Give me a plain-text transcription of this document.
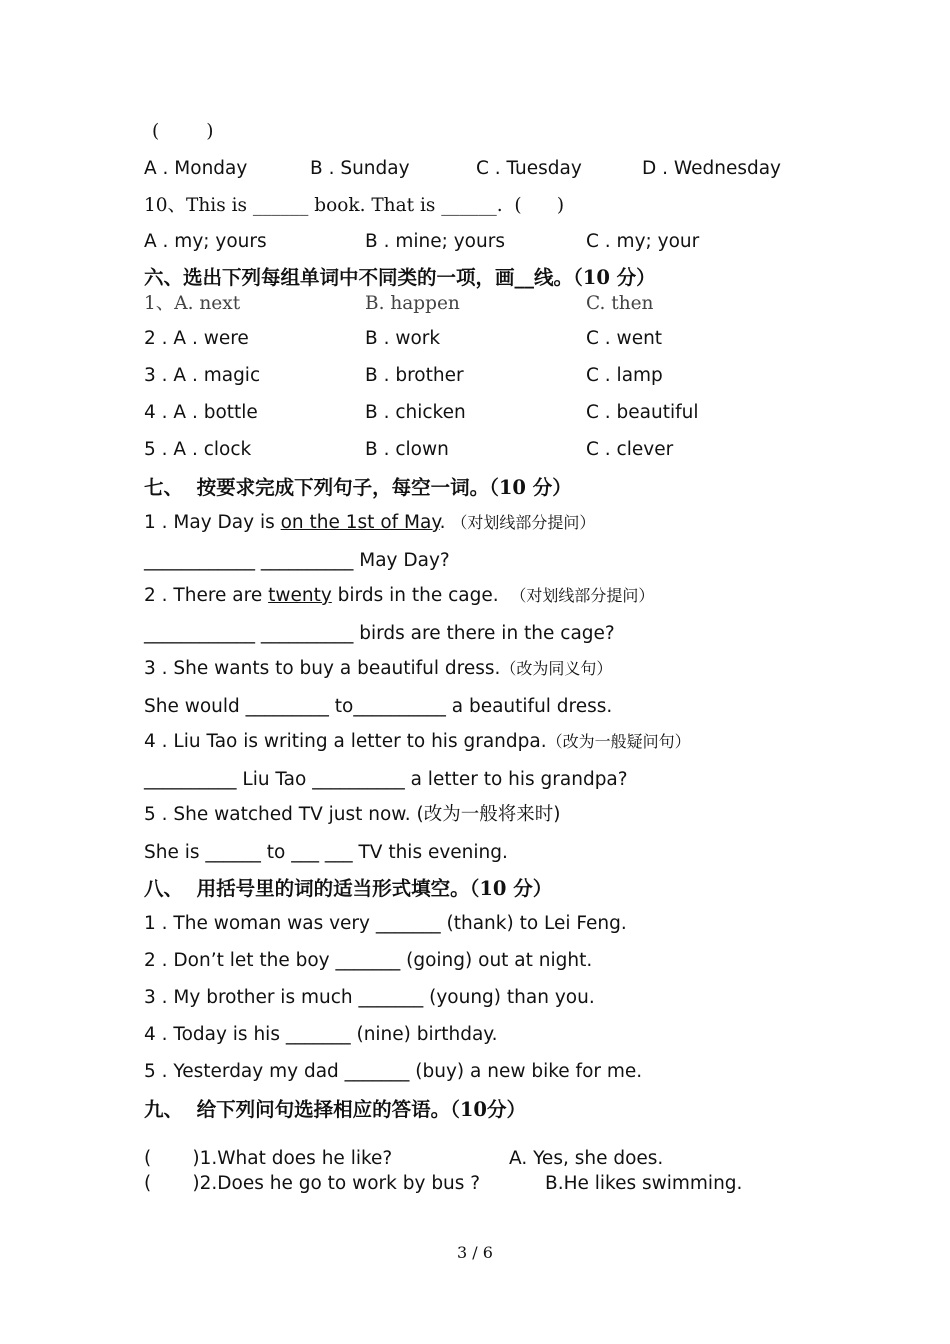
(        )
A . Monday	B . Sunday	C . Tuesday	D . Wednesday
10、This is ______ book. That is ______.  (      )
A . my; yours	B . mine; yours	C . my; your
六、选出下列每组单词中不同类的一项，画__线。（10 分）
1、A. next	B. happen	C. then
2 . A . were	B . work	C . went
3 . A . magic	B . brother	C . lamp
4 . A . bottle	B . chicken	C . beautiful
5 . A . clock	B . clown	C . clever
七、  按要求完成下列句子，每空一词。（10 分）
1 . May Day is on the 1st of May. （对划线部分提问）
____________ __________ May Day?
2 . There are twenty birds in the cage.  （对划线部分提问）
____________ __________ birds are there in the cage?
3 . She wants to buy a beautiful dress.（改为同义句）
She would _________ to__________ a beautiful dress.
4 . Liu Tao is writing a letter to his grandpa.（改为一般疑问句）
__________ Liu Tao __________ a letter to his grandpa?
5 . She watched TV just now. (改为一般将来时)
She is ______ to ___ ___ TV this evening.
八、  用括号里的词的适当形式填空。（10 分）
1 . The woman was very _______ (thank) to Lei Feng.
2 . Don’t let the boy _______ (going) out at night.
3 . My brother is much _______ (young) than you.
4 . Today is his _______ (nine) birthday.
5 . Yesterday my dad _______ (buy) a new bike for me.
九、  给下列问句选择相应的答语。（10分）
(       )1.What does he like?	A. Yes, she does.
(       )2.Does he go to work by bus ?	B.He likes swimming.
3 / 6
